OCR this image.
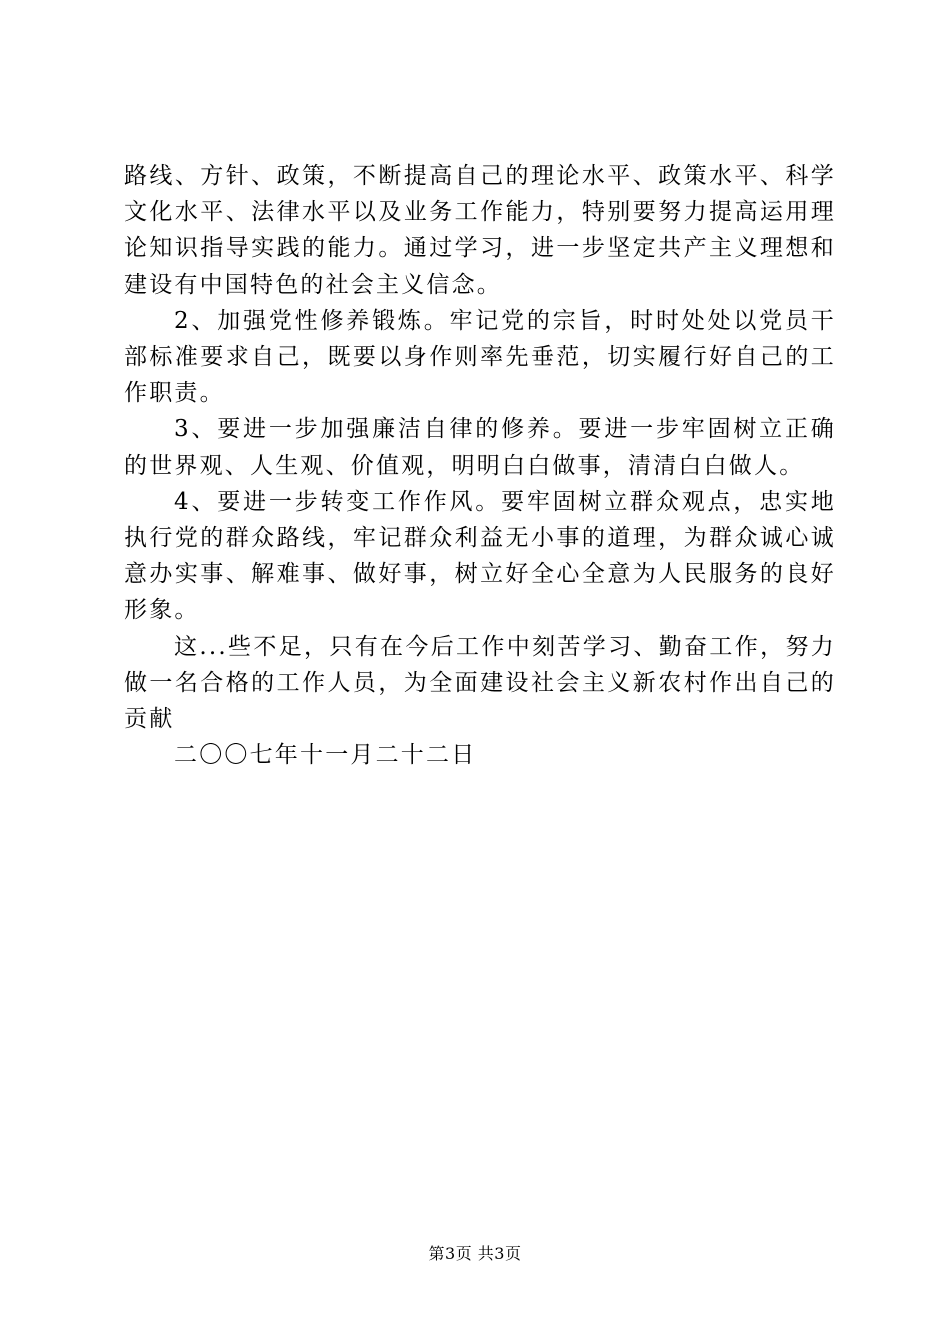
路线、方针、政策，不断提高自己的理论水平、政策水平、科学文化水平、法律水平以及业务工作能力，特别要努力提高运用理论知识指导实践的能力。通过学习，进一步坚定共产主义理想和建设有中国特色的社会主义信念。

2、加强党性修养锻炼。牢记党的宗旨，时时处处以党员干部标准要求自己，既要以身作则率先垂范，切实履行好自己的工作职责。

3、要进一步加强廉洁自律的修养。要进一步牢固树立正确的世界观、人生观、价值观，明明白白做事，清清白白做人。

4、要进一步转变工作作风。要牢固树立群众观点，忠实地执行党的群众路线，牢记群众利益无小事的道理，为群众诚心诚意办实事、解难事、做好事，树立好全心全意为人民服务的良好形象。

这...些不足，只有在今后工作中刻苦学习、勤奋工作，努力做一名合格的工作人员，为全面建设社会主义新农村作出自己的贡献

二〇〇七年十一月二十二日

第3页 共3页
